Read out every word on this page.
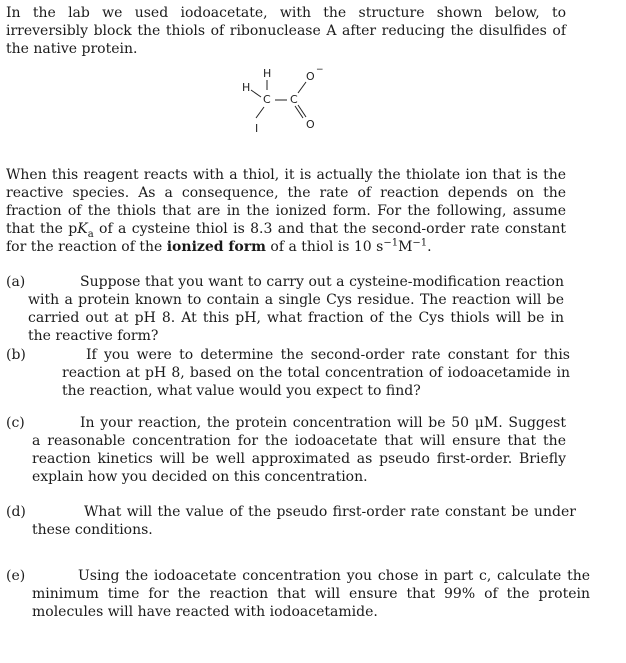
In the lab we used iodoacetate, with the structure shown below, to irreversibly block the thiols of ribonuclease A after reducing the disulfides of the native protein.
H
H
C C
O −
O
I
When this reagent reacts with a thiol, it is actually the thiolate ion that is the reactive species. As a consequence, the rate of reaction depends on the fraction of the thiols that are in the ionized form. For the following, assume that the $pK_a$ of a cysteine thiol is 8.3 and that the second-order rate constant for the reaction of the ionized form of a thiol is 10 $s^{-1}M^{-1}$.
(a)	Suppose that you want to carry out a cysteine-modification reaction with a protein known to contain a single Cys residue. The reaction will be carried out at pH 8. At this pH, what fraction of the Cys thiols will be in the reactive form?
(b)	If you were to determine the second-order rate constant for this reaction at pH 8, based on the total concentration of iodoacetamide in the reaction, what value would you expect to find?
(c)	In your reaction, the protein concentration will be 50 μM. Suggest a reasonable concentration for the iodoacetate that will ensure that the reaction kinetics will be well approximated as pseudo first-order. Briefly explain how you decided on this concentration.
(d)	What will the value of the pseudo first-order rate constant be under these conditions.
(e)	Using the iodoacetate concentration you chose in part c, calculate the minimum time for the reaction that will ensure that 99% of the protein molecules will have reacted with iodoacetamide.
